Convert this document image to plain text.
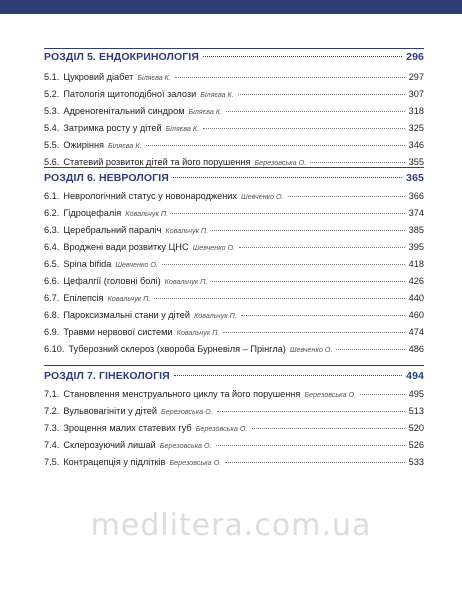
РОЗДІЛ 5. ЕНДОКРИНОЛОГІЯ	296
5.1. Цукровий діабет Біляєва К.	297
5.2. Патологія щитоподібної залози Біляєва К.	307
5.3. Адреногенітальний синдром Біляєва К.	318
5.4. Затримка росту у дітей Біляєва К.	325
5.5. Ожиріння Біляєва К.	346
5.6. Статевий розвиток дітей та його порушення Березовська О.	355
РОЗДІЛ 6. НЕВРОЛОГІЯ	365
6.1. Неврологічний статус у новонароджених Шевченко О.	366
6.2. Гідроцефалія Ковальчук П.	374
6.3. Церебральний параліч Ковальчук П.	385
6.4. Вроджені вади розвитку ЦНС Шевченко О.	395
6.5. Spina bifida Шевченко О.	418
6.6. Цефалгії (головні болі) Ковальчук П.	426
6.7. Епілепсія Ковальчук П.	440
6.8. Пароксизмальні стани у дітей Ковальчук П.	460
6.9. Травми нервової системи Ковальчук П.	474
6.10. Туберозний склероз (хвороба Бурневіля – Прінгла) Шевченко О.	486
РОЗДІЛ 7. ГІНЕКОЛОГІЯ	494
7.1. Становлення менструального циклу та його порушення Березовська О.	495
7.2. Вульвовагініти у дітей Березовська О.	513
7.3. Зрощення малих статевих губ Березовська О.	520
7.4. Склерозуючий лишай Березовська О.	526
7.5. Контрацепція у підлітків Березовська О.	533
medlitera.com.ua
